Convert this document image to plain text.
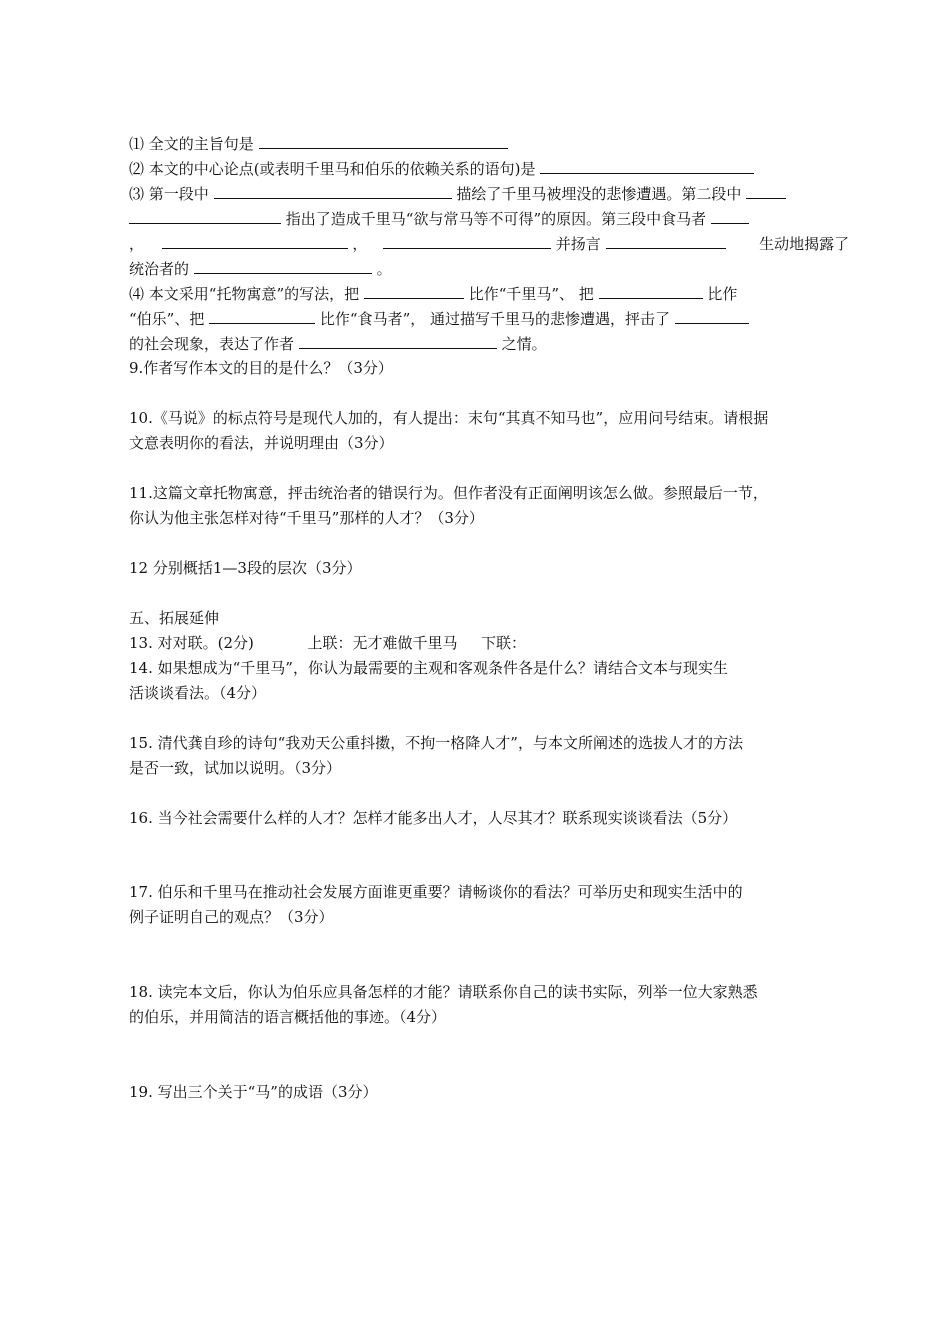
⑴ 全文的主旨句是
⑵ 本文的中心论点(或表明千里马和伯乐的依赖关系的语句)是
⑶ 第一段中	描绘了千里马被埋没的悲惨遭遇。第二段中
指出了造成千里马“欲与常马等不可得”的原因。第三段中食马者
，	，	并扬言	生动地揭露了
统治者的	。
⑷ 本文采用“托物寓意”的写法，把	比作“千里马”、 把	比作
“伯乐”、把	比作“食马者”， 通过描写千里马的悲惨遭遇，抨击了
的社会现象，表达了作者	之情。
9.作者写作本文的目的是什么？（3分）
10.《马说》的标点符号是现代人加的，有人提出：末句“其真不知马也”，应用问号结束。请根据
文意表明你的看法，并说明理由（3分）
11.这篇文章托物寓意，抨击统治者的错误行为。但作者没有正面阐明该怎么做。参照最后一节，
你认为他主张怎样对待“千里马”那样的人才？（3分）
12 分别概括1—3段的层次（3分）
五、拓展延伸
13. 对对联。(2分)	上联：无才难做千里马 下联：
14. 如果想成为“千里马”，你认为最需要的主观和客观条件各是什么？请结合文本与现实生
活谈谈看法。（4分）
15. 清代龚自珍的诗句“我劝天公重抖擞，不拘一格降人才”，与本文所阐述的选拔人才的方法
是否一致，试加以说明。（3分）
16. 当今社会需要什么样的人才？怎样才能多出人才，人尽其才？联系现实谈谈看法（5分）
17. 伯乐和千里马在推动社会发展方面谁更重要？请畅谈你的看法？可举历史和现实生活中的
例子证明自己的观点？（3分）
18. 读完本文后，你认为伯乐应具备怎样的才能？请联系你自己的读书实际，列举一位大家熟悉
的伯乐，并用简洁的语言概括他的事迹。（4分）
19. 写出三个关于“马”的成语（3分）
